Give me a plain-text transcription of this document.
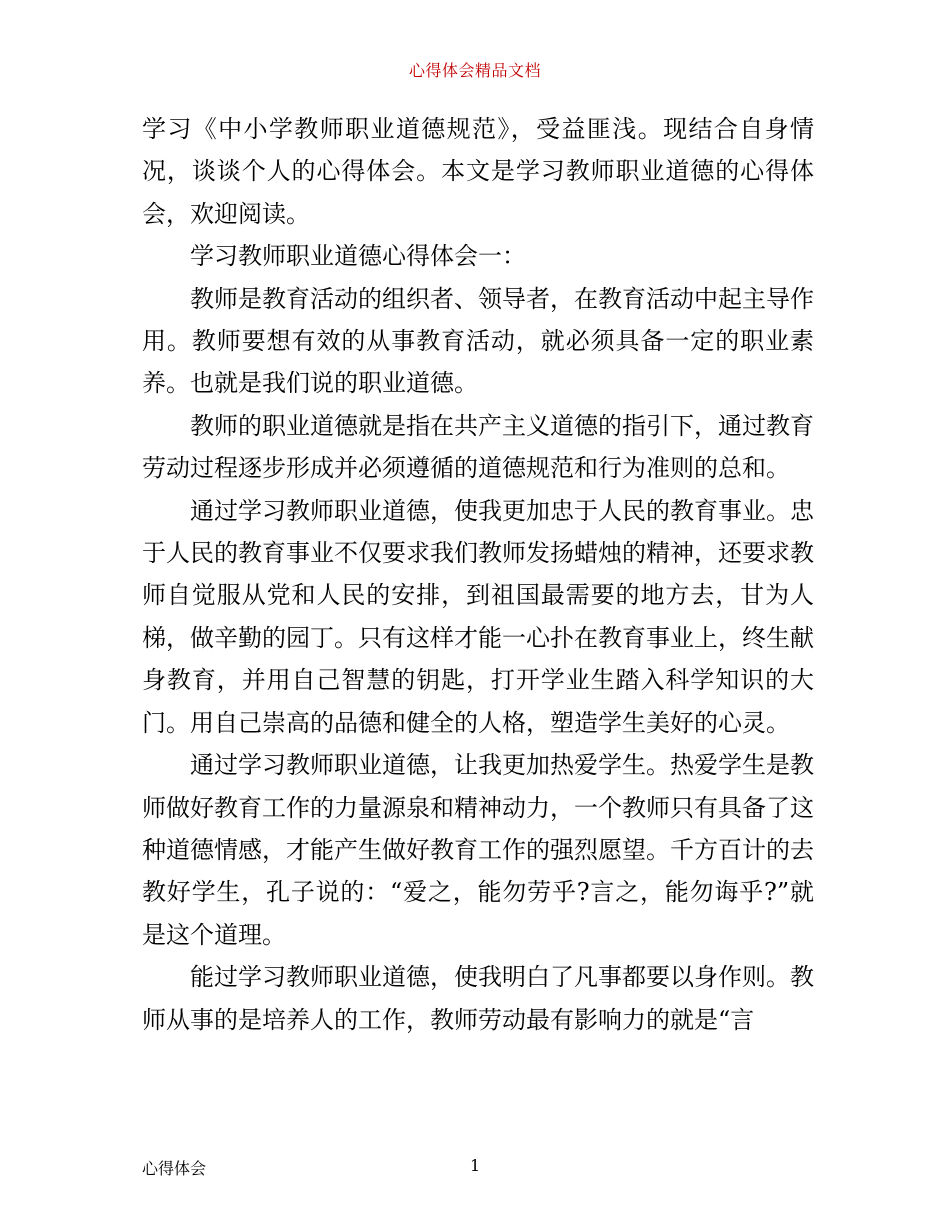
心得体会精品文档

学习《中小学教师职业道德规范》，受益匪浅。现结合自身情况，谈谈个人的心得体会。本文是学习教师职业道德的心得体会，欢迎阅读。

学习教师职业道德心得体会一：

教师是教育活动的组织者、领导者，在教育活动中起主导作用。教师要想有效的从事教育活动，就必须具备一定的职业素养。也就是我们说的职业道德。

教师的职业道德就是指在共产主义道德的指引下，通过教育劳动过程逐步形成并必须遵循的道德规范和行为准则的总和。

通过学习教师职业道德，使我更加忠于人民的教育事业。忠于人民的教育事业不仅要求我们教师发扬蜡烛的精神，还要求教师自觉服从党和人民的安排，到祖国最需要的地方去，甘为人梯，做辛勤的园丁。只有这样才能一心扑在教育事业上，终生献身教育，并用自己智慧的钥匙，打开学业生踏入科学知识的大门。用自己崇高的品德和健全的人格，塑造学生美好的心灵。

通过学习教师职业道德，让我更加热爱学生。热爱学生是教师做好教育工作的力量源泉和精神动力，一个教师只有具备了这种道德情感，才能产生做好教育工作的强烈愿望。千方百计的去教好学生，孔子说的：“爱之，能勿劳乎?言之，能勿诲乎?”就是这个道理。

能过学习教师职业道德，使我明白了凡事都要以身作则。教师从事的是培养人的工作，教师劳动最有影响力的就是“言

心得体会	1
